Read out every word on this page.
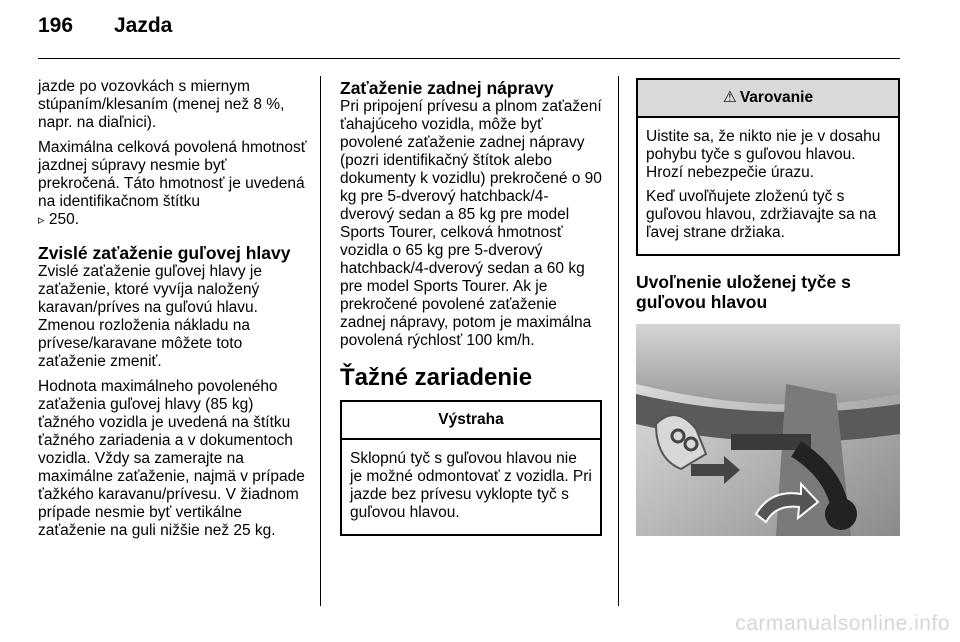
196 Jazda

jazde po vozovkách s miernym stúpaním/klesaním (menej než 8 %, napr. na diaľnici).

Maximálna celková povolená hmotnosť jazdnej súpravy nesmie byť prekročená. Táto hmotnosť je uvedená na identifikačnom štítku
▹ 250.

Zvislé zaťaženie guľovej hlavy

Zvislé zaťaženie guľovej hlavy je zaťaženie, ktoré vyvíja naložený karavan/príves na guľovú hlavu. Zmenou rozloženia nákladu na prívese/karavane môžete toto zaťaženie zmeniť.

Hodnota maximálneho povoleného zaťaženia guľovej hlavy (85 kg) ťažného vozidla je uvedená na štítku ťažného zariadenia a v dokumentoch vozidla. Vždy sa zamerajte na maximálne zaťaženie, najmä v prípade ťažkého karavanu/prívesu. V žiadnom prípade nesmie byť vertikálne zaťaženie na guli nižšie než 25 kg.

Zaťaženie zadnej nápravy

Pri pripojení prívesu a plnom zaťažení ťahajúceho vozidla, môže byť povolené zaťaženie zadnej nápravy (pozri identifikačný štítok alebo dokumenty k vozidlu) prekročené o 90 kg pre 5-dverový hatchback/4-dverový sedan a 85 kg pre model Sports Tourer, celková hmotnosť vozidla o 65 kg pre 5-dverový hatchback/4-dverový sedan a 60 kg pre model Sports Tourer. Ak je prekročené povolené zaťaženie zadnej nápravy, potom je maximálna povolená rýchlosť 100 km/h.

Ťažné zariadenie
Výstraha

Sklopnú tyč s guľovou hlavou nie je možné odmontovať z vozidla. Pri jazde bez prívesu vyklopte tyč s guľovou hlavou.

⚠ Varovanie

Uistite sa, že nikto nie je v dosahu pohybu tyče s guľovou hlavou. Hrozí nebezpečie úrazu.

Keď uvoľňujete zloženú tyč s guľovou hlavou, zdržiavajte sa na ľavej strane držiaka.

Uvoľnenie uloženej tyče s guľovou hlavou
carmanualsonline.info
